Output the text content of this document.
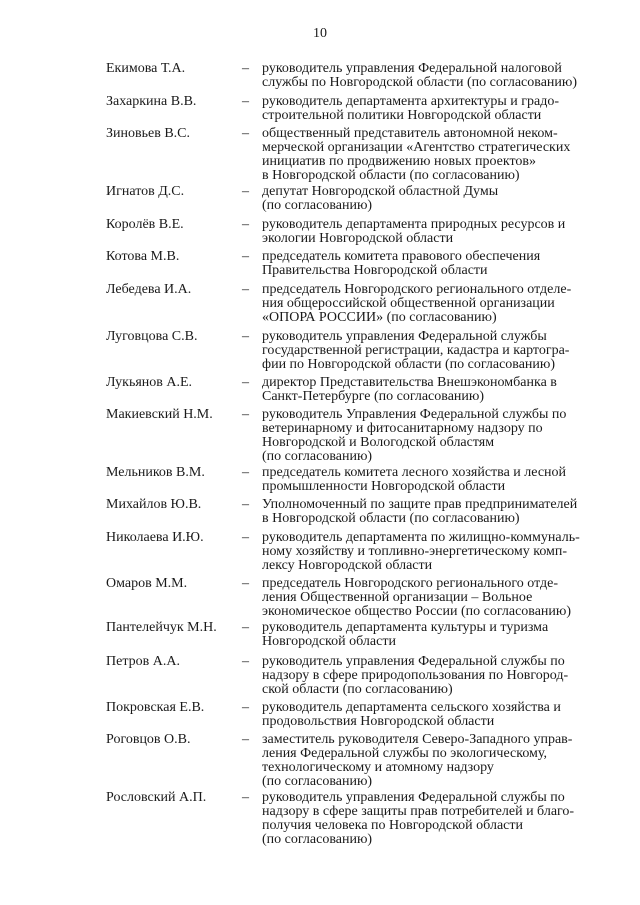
10
Екимова Т.А.	– руководитель управления Федеральной налоговой
службы по Новгородской области (по согласованию)
Захаркина В.В.	– руководитель департамента архитектуры и градо-
строительной политики Новгородской области
Зиновьев В.С.	– общественный представитель автономной неком-
мерческой организации «Агентство стратегических
инициатив по продвижению новых проектов»
в Новгородской области (по согласованию)
Игнатов Д.С.	– депутат Новгородской областной Думы
(по согласованию)
Королёв В.Е.	– руководитель департамента природных ресурсов и
экологии Новгородской области
Котова М.В.	– председатель комитета правового обеспечения
Правительства Новгородской области
Лебедева И.А.	– председатель Новгородского регионального отделе-
ния общероссийской общественной организации
«ОПОРА РОССИИ» (по согласованию)
Луговцова С.В.	– руководитель управления Федеральной службы
государственной регистрации, кадастра и картогра-
фии по Новгородской области (по согласованию)
Лукьянов А.Е.	– директор Представительства Внешэкономбанка в
Санкт-Петербурге (по согласованию)
Макиевский Н.М. – руководитель Управления Федеральной службы по
ветеринарному и фитосанитарному надзору по
Новгородской и Вологодской областям
(по согласованию)
Мельников В.М.	– председатель комитета лесного хозяйства и лесной
промышленности Новгородской области
Михайлов Ю.В.	– Уполномоченный по защите прав предпринимателей
в Новгородской области (по согласованию)
Николаева И.Ю.	– руководитель департамента по жилищно-коммуналь-
ному хозяйству и топливно-энергетическому комп-
лексу Новгородской области
Омаров М.М.	– председатель Новгородского регионального отде-
ления Общественной организации – Вольное
экономическое общество России (по согласованию)
Пантелейчук М.Н. – руководитель департамента культуры и туризма
Новгородской области
Петров А.А.	– руководитель управления Федеральной службы по
надзору в сфере природопользования по Новгород-
ской области (по согласованию)
Покровская Е.В.	– руководитель департамента сельского хозяйства и
продовольствия Новгородской области
Роговцов О.В.	– заместитель руководителя Северо-Западного управ-
ления Федеральной службы по экологическому,
технологическому и атомному надзору
(по согласованию)
Рословский А.П.	– руководитель управления Федеральной службы по
надзору в сфере защиты прав потребителей и благо-
получия человека по Новгородской области
(по согласованию)
